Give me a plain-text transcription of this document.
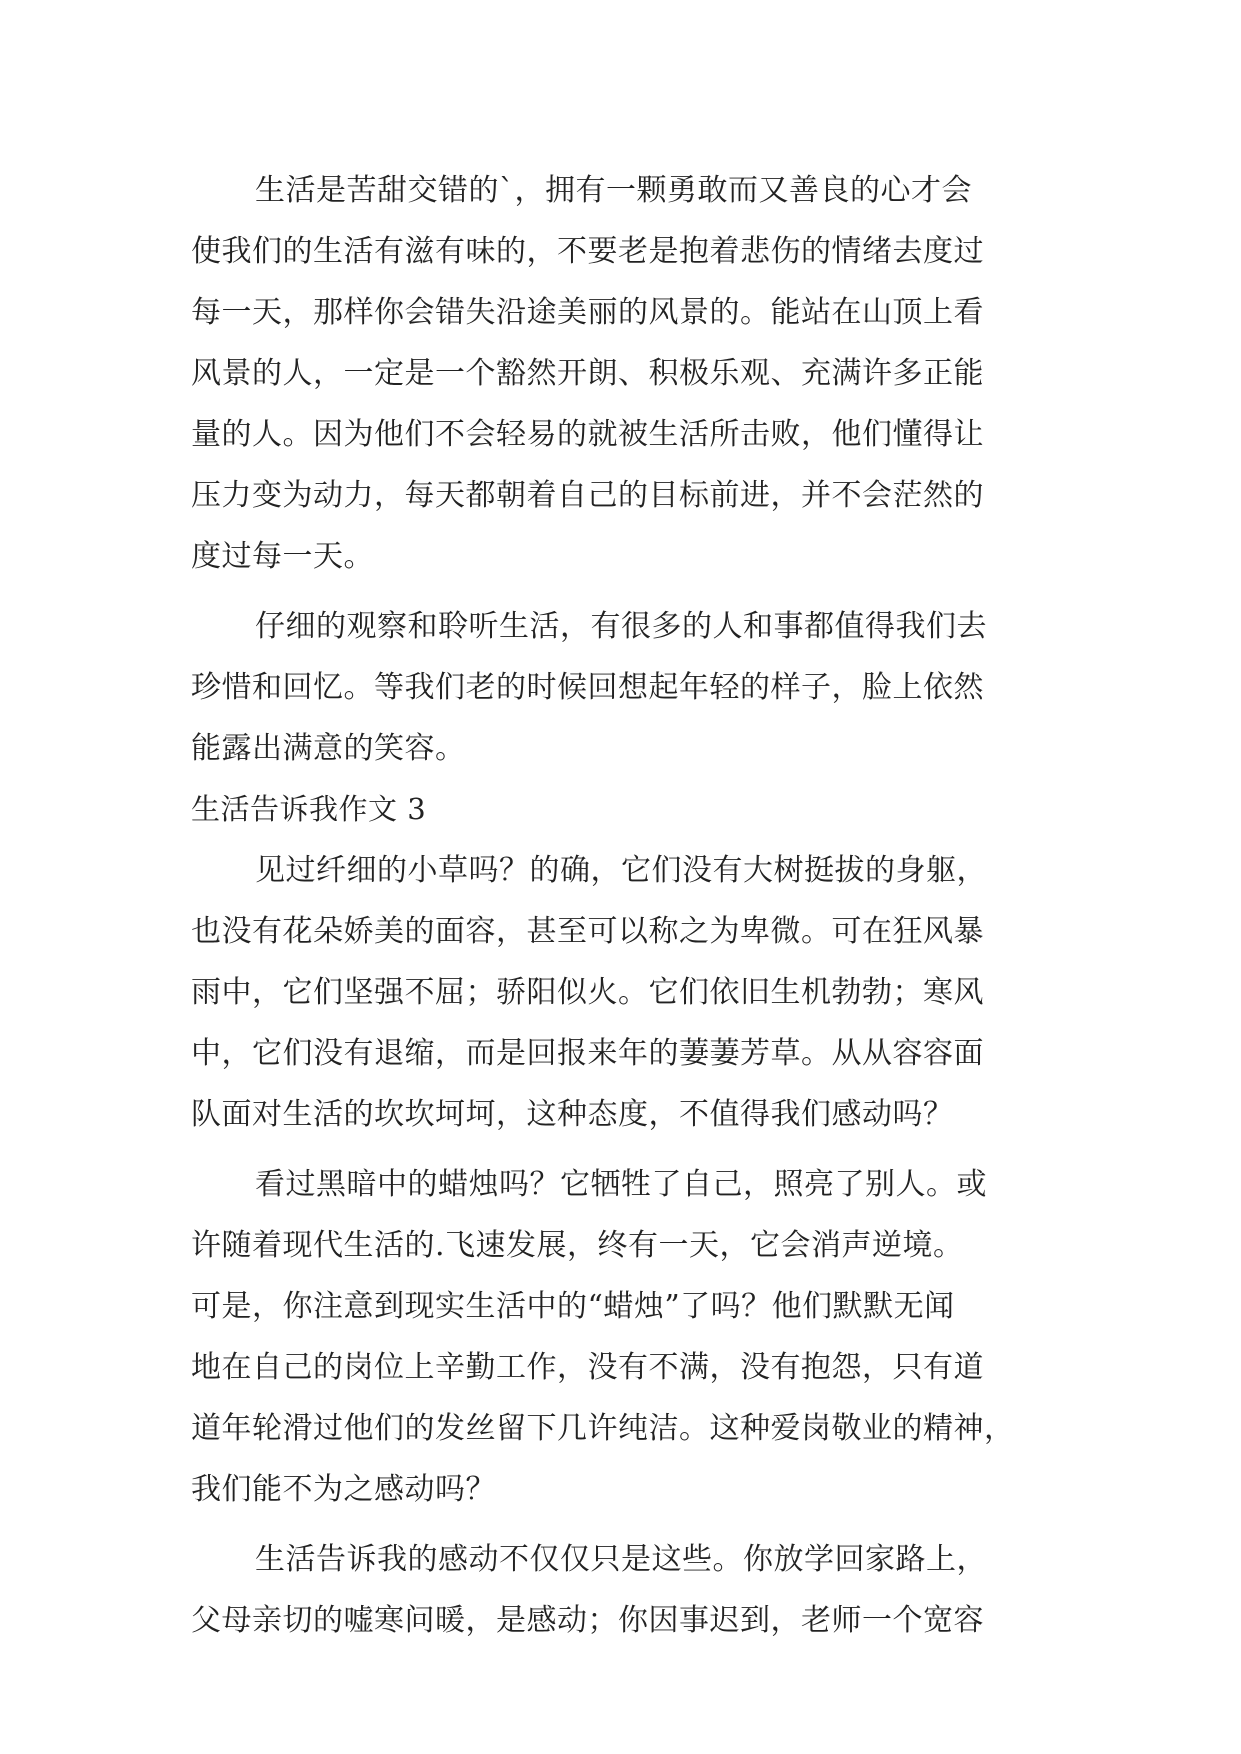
生活是苦甜交错的`，拥有一颗勇敢而又善良的心才会
使我们的生活有滋有味的，不要老是抱着悲伤的情绪去度过
每一天，那样你会错失沿途美丽的风景的。能站在山顶上看
风景的人，一定是一个豁然开朗、积极乐观、充满许多正能
量的人。因为他们不会轻易的就被生活所击败，他们懂得让
压力变为动力，每天都朝着自己的目标前进，并不会茫然的
度过每一天。
仔细的观察和聆听生活，有很多的人和事都值得我们去
珍惜和回忆。等我们老的时候回想起年轻的样子，脸上依然
能露出满意的笑容。
生活告诉我作文 3
见过纤细的小草吗？的确，它们没有大树挺拔的身躯，
也没有花朵娇美的面容，甚至可以称之为卑微。可在狂风暴
雨中，它们坚强不屈；骄阳似火。它们依旧生机勃勃；寒风
中，它们没有退缩，而是回报来年的萋萋芳草。从从容容面
队面对生活的坎坎坷坷，这种态度，不值得我们感动吗？
看过黑暗中的蜡烛吗？它牺牲了自己，照亮了别人。或
许随着现代生活的.飞速发展，终有一天，它会消声逆境。
可是，你注意到现实生活中的“蜡烛”了吗？他们默默无闻
地在自己的岗位上辛勤工作，没有不满，没有抱怨，只有道
道年轮滑过他们的发丝留下几许纯洁。这种爱岗敬业的精神，
我们能不为之感动吗？
生活告诉我的感动不仅仅只是这些。你放学回家路上，
父母亲切的嘘寒问暖，是感动；你因事迟到，老师一个宽容
